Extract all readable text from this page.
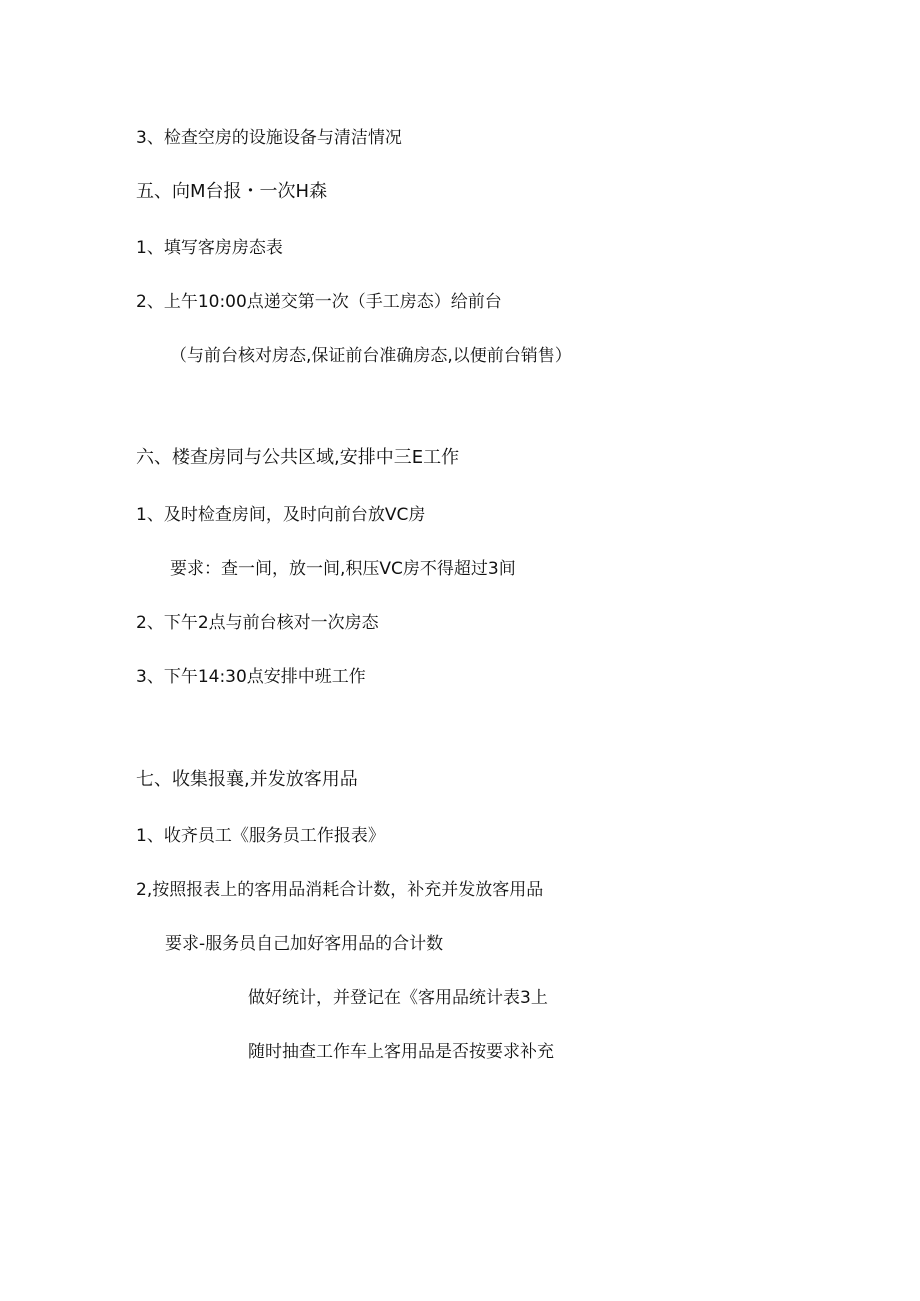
3、检查空房的设施设备与清洁情况
五、向M台报・一次H森
1、填写客房房态表
2、上午10:00点递交第一次（手工房态）给前台
（与前台核对房态,保证前台准确房态,以便前台销售）
六、楼查房同与公共区域,安排中三E工作
1、及时检查房间，及时向前台放VC房
要求：查一间，放一间,积压VC房不得超过3间
2、下午2点与前台核对一次房态
3、下午14:30点安排中班工作
七、收集报襄,并发放客用品
1、收齐员工《服务员工作报表》
2,按照报表上的客用品消耗合计数，补充并发放客用品
要求-服务员自己加好客用品的合计数
做好统计，并登记在《客用品统计表3上
随时抽查工作车上客用品是否按要求补充
